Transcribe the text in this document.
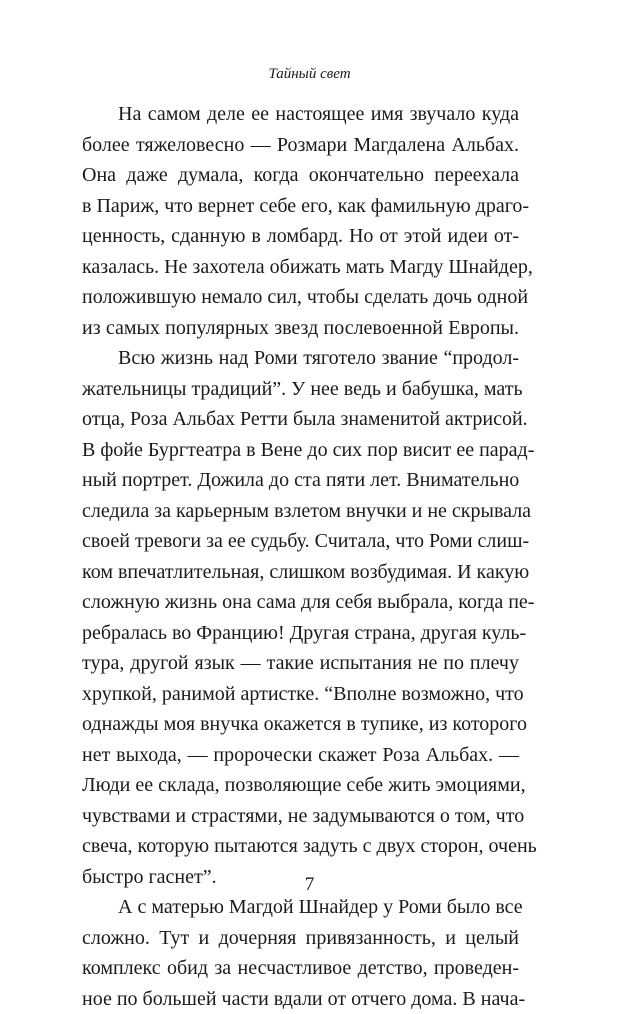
Тайный свет
На самом деле ее настоящее имя звучало куда
более тяжеловесно — Розмари Магдалена Альбах.
Она даже думала, когда окончательно переехала
в Париж, что вернет себе его, как фамильную драго-
ценность, сданную в ломбард. Но от этой идеи от-
казалась. Не захотела обижать мать Магду Шнайдер,
положившую немало сил, чтобы сделать дочь одной
из самых популярных звезд послевоенной Европы.
Всю жизнь над Роми тяготело звание “продол-
жательницы традиций”. У нее ведь и бабушка, мать
отца, Роза Альбах Ретти была знаменитой актрисой.
В фойе Бургтеатра в Вене до сих пор висит ее парад-
ный портрет. Дожила до ста пяти лет. Внимательно
следила за карьерным взлетом внучки и не скрывала
своей тревоги за ее судьбу. Считала, что Роми слиш-
ком впечатлительная, слишком возбудимая. И какую
сложную жизнь она сама для себя выбрала, когда пе-
ребралась во Францию! Другая страна, другая куль-
тура, другой язык — такие испытания не по плечу
хрупкой, ранимой артистке. “Вполне возможно, что
однажды моя внучка окажется в тупике, из которого
нет выхода, — пророчески скажет Роза Альбах. —
Люди ее склада, позволяющие себе жить эмоциями,
чувствами и страстями, не задумываются о том, что
свеча, которую пытаются задуть с двух сторон, очень
быстро гаснет”.
А с матерью Магдой Шнайдер у Роми было все
сложно. Тут и дочерняя привязанность, и целый
комплекс обид за несчастливое детство, проведен-
ное по большей части вдали от отчего дома. В нача-
7
